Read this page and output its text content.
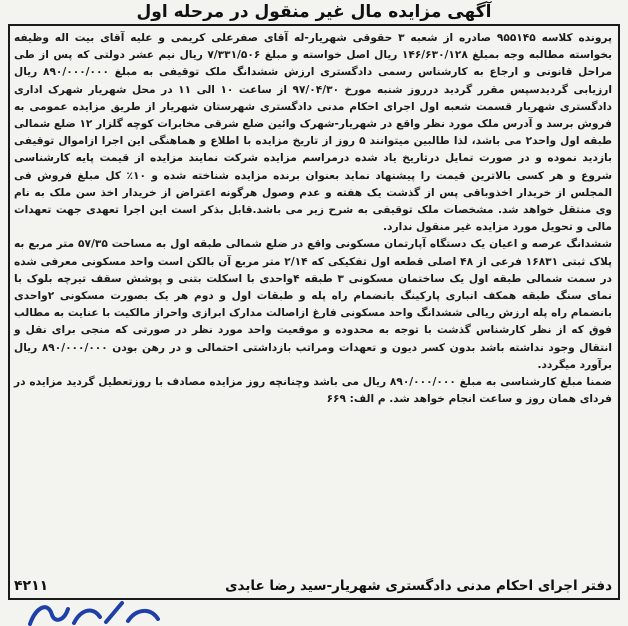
آگهی مزایده مال غیر منقول در مرحله اول

پرونده کلاسه ۹۵۵۱۴۵ صادره از شعبه ۳ حقوقی شهریار-له آقای صفرعلی کریمی و علیه آقای بیت اله وظیفه بخواسته مطالبه وجه بمبلغ ۱۴۶/۶۳۰/۱۲۸ ریال اصل خواسته و مبلغ ۷/۳۳۱/۵۰۶ ریال نیم عشر دولتی که پس از طی مراحل قانونی و ارجاع به کارشناس رسمی دادگستری ارزش ششدانگ ملک توقیفی به مبلغ ۸۹۰/۰۰۰/۰۰۰ ریال ارزیابی گردیدسپس مقرر گردید درروز شنبه مورخ ۹۷/۰۴/۳۰ از ساعت ۱۰ الی ۱۱ در محل شهریار شهرک اداری دادگستری شهریار قسمت شعبه اول اجرای احکام مدنی دادگستری شهرستان شهریار از طریق مزایده عمومی به فروش برسد و آدرس ملک مورد نظر واقع در شهریار-شهرک وائین ضلع شرقی مخابرات کوچه گلزار ۱۲ ضلع شمالی طبقه اول واحد۲ می باشد، لذا طالبین میتوانند ۵ روز از تاریخ مزایده با اطلاع و هماهنگی این اجرا ازاموال توقیفی بازدید نموده و در صورت تمایل درتاریخ یاد شده درمراسم مزایده شرکت نمایند مزایده از قیمت پایه کارشناسی شروع و هر کسی بالاترین قیمت را پیشنهاد نماید بعنوان برنده مزایده شناخته شده و ۱۰٪ کل مبلغ فروش فی المجلس از خریدار اخذوباقی پس از گذشت یک هفته و عدم وصول هرگونه اعتراض از خریدار اخذ سن ملک به نام وی منتقل خواهد شد. مشخصات ملک توقیفی به شرح زیر می باشد.قابل بذکر است این اجرا تعهدی جهت تعهدات مالی و تحویل مورد مزایده غیر منقول ندارد.

ششدانگ عرصه و اعیان یک دستگاه آپارتمان مسکونی واقع در ضلع شمالی طبقه اول به مساحت ۵۷/۳۵ متر مربع به پلاک ثبتی ۱۶۸۳۱ فرعی از ۴۸ اصلی قطعه اول تفکیکی که ۲/۱۴ متر مربع آن بالکن است واحد مسکونی معرفی شده در سمت شمالی طبقه اول یک ساختمان مسکونی ۳ طبقه ۴واحدی با اسکلت بتنی و پوشش سقف تیرچه بلوک با نمای سنگ طبقه همکف انباری پارکینگ بانضمام راه پله و طبقات اول و دوم هر یک بصورت مسکونی ۲واحدی بانضمام راه پله ارزش ریالی ششدانگ واحد مسکونی فارغ ازاصالت مدارک ابرازی واحراز مالکیت با عنایت به مطالب فوق که از نظر کارشناس گذشت با توجه به محدوده و موقعیت واحد مورد نظر در صورتی که منجی برای نقل و انتقال وجود نداشته باشد بدون کسر دیون و تعهدات ومراتب بازداشتی احتمالی و در رهن بودن ۸۹۰/۰۰۰/۰۰۰ ریال برآورد میگردد.

ضمنا مبلغ کارشناسی به مبلغ ۸۹۰/۰۰۰/۰۰۰ ریال می باشد وچنانچه روز مزایده مصادف با روزتعطیل گردید مزایده در فردای همان روز و ساعت انجام خواهد شد. م الف: ۶۶۹

دفتر اجرای احکام مدنی دادگستری شهریار-سید رضا عابدی
۴۲۱۱
